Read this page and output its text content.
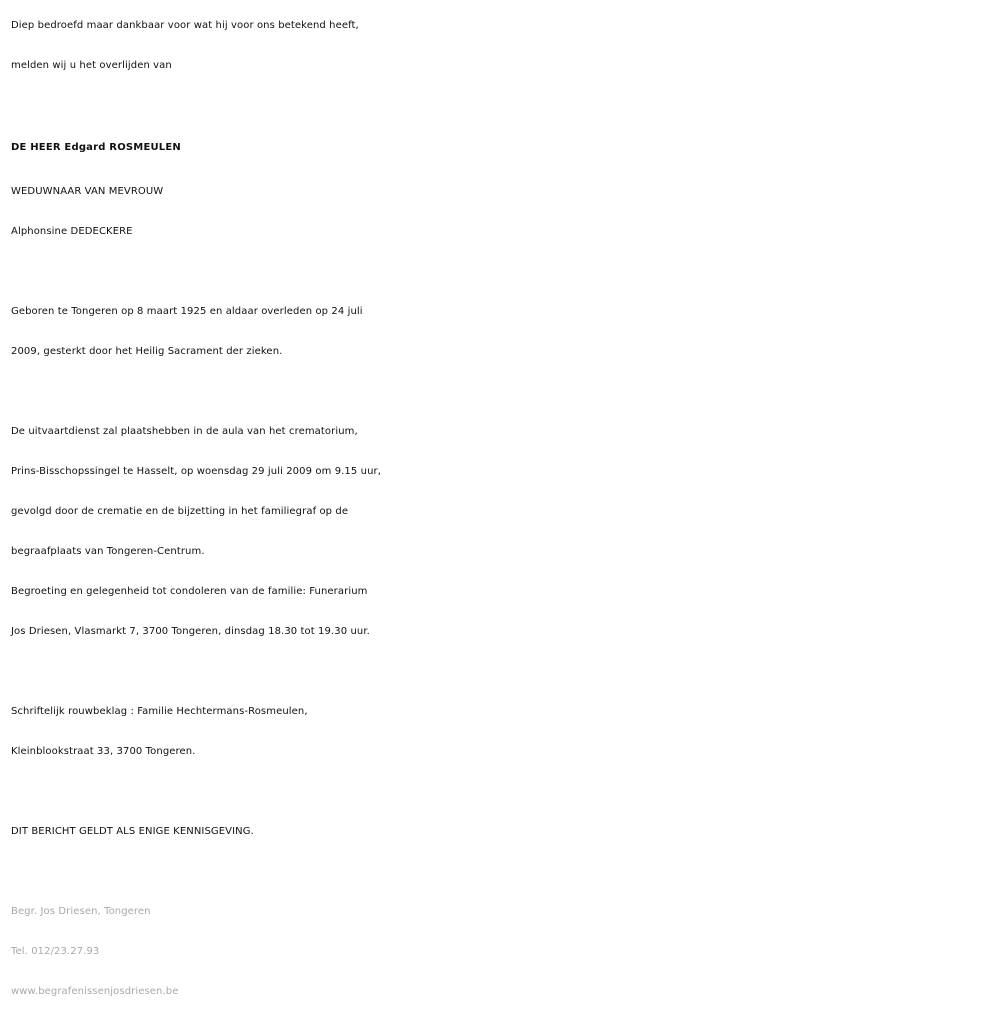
Diep bedroefd maar dankbaar voor wat hij voor ons betekend heeft,
melden wij u het overlijden van
DE HEER Edgard ROSMEULEN
WEDUWNAAR VAN MEVROUW
Alphonsine DEDECKERE
Geboren te Tongeren op 8 maart 1925 en aldaar overleden op 24 juli
2009, gesterkt door het Heilig Sacrament der zieken.
De uitvaartdienst zal plaatshebben in de aula van het crematorium,
Prins-Bisschopssingel te Hasselt, op woensdag 29 juli 2009 om 9.15 uur,
gevolgd door de crematie en de bijzetting in het familiegraf op de
begraafplaats van Tongeren-Centrum.
Begroeting en gelegenheid tot condoleren van de familie: Funerarium
Jos Driesen, Vlasmarkt 7, 3700 Tongeren, dinsdag 18.30 tot 19.30 uur.
Schriftelijk rouwbeklag : Familie Hechtermans-Rosmeulen,
Kleinblookstraat 33, 3700 Tongeren.
DIT BERICHT GELDT ALS ENIGE KENNISGEVING.
Begr. Jos Driesen, Tongeren
Tel. 012/23.27.93
www.begrafenissenjosdriesen.be
